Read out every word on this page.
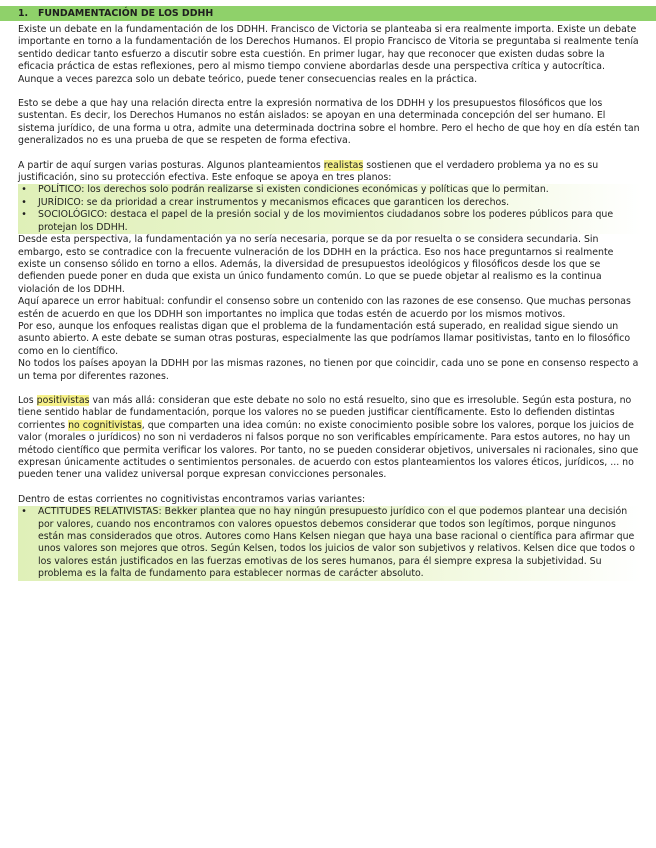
1. FUNDAMENTACIÓN DE LOS DDHH

Existe un debate en la fundamentación de los DDHH. Francisco de Victoria se planteaba si era realmente importa. Existe un debate importante en torno a la fundamentación de los Derechos Humanos. El propio Francisco de Vitoria se preguntaba si realmente tenía sentido dedicar tanto esfuerzo a discutir sobre esta cuestión. En primer lugar, hay que reconocer que existen dudas sobre la eficacia práctica de estas reflexiones, pero al mismo tiempo conviene abordarlas desde una perspectiva crítica y autocrítica. Aunque a veces parezca solo un debate teórico, puede tener consecuencias reales en la práctica.

Esto se debe a que hay una relación directa entre la expresión normativa de los DDHH y los presupuestos filosóficos que los sustentan. Es decir, los Derechos Humanos no están aislados: se apoyan en una determinada concepción del ser humano. El sistema jurídico, de una forma u otra, admite una determinada doctrina sobre el hombre. Pero el hecho de que hoy en día estén tan generalizados no es una prueba de que se respeten de forma efectiva.

A partir de aquí surgen varias posturas. Algunos planteamientos realistas sostienen que el verdadero problema ya no es su justificación, sino su protección efectiva. Este enfoque se apoya en tres planos:

•	POLÍTICO: los derechos solo podrán realizarse si existen condiciones económicas y políticas que lo permitan.
•	JURÍDICO: se da prioridad a crear instrumentos y mecanismos eficaces que garanticen los derechos.
•	SOCIOLÓGICO: destaca el papel de la presión social y de los movimientos ciudadanos sobre los poderes públicos para que protejan los DDHH.

Desde esta perspectiva, la fundamentación ya no sería necesaria, porque se da por resuelta o se considera secundaria. Sin embargo, esto se contradice con la frecuente vulneración de los DDHH en la práctica. Eso nos hace preguntarnos si realmente existe un consenso sólido en torno a ellos. Además, la diversidad de presupuestos ideológicos y filosóficos desde los que se defienden puede poner en duda que exista un único fundamento común. Lo que se puede objetar al realismo es la continua violación de los DDHH.

Aquí aparece un error habitual: confundir el consenso sobre un contenido con las razones de ese consenso. Que muchas personas estén de acuerdo en que los DDHH son importantes no implica que todas estén de acuerdo por los mismos motivos.

Por eso, aunque los enfoques realistas digan que el problema de la fundamentación está superado, en realidad sigue siendo un asunto abierto. A este debate se suman otras posturas, especialmente las que podríamos llamar positivistas, tanto en lo filosófico como en lo científico.

No todos los países apoyan la DDHH por las mismas razones, no tienen por que coincidir, cada uno se pone en consenso respecto a un tema por diferentes razones.

Los positivistas van más allá: consideran que este debate no solo no está resuelto, sino que es irresoluble. Según esta postura, no tiene sentido hablar de fundamentación, porque los valores no se pueden justificar científicamente. Esto lo defienden distintas corrientes no cognitivistas, que comparten una idea común: no existe conocimiento posible sobre los valores, porque los juicios de valor (morales o jurídicos) no son ni verdaderos ni falsos porque no son verificables empíricamente. Para estos autores, no hay un método científico que permita verificar los valores. Por tanto, no se pueden considerar objetivos, universales ni racionales, sino que expresan únicamente actitudes o sentimientos personales. de acuerdo con estos planteamientos los valores éticos, jurídicos, ... no pueden tener una validez universal porque expresan convicciones personales.

Dentro de estas corrientes no cognitivistas encontramos varias variantes:

•	ACTITUDES RELATIVISTAS: Bekker plantea que no hay ningún presupuesto jurídico con el que podemos plantear una decisión por valores, cuando nos encontramos con valores opuestos debemos considerar que todos son legítimos, porque ningunos están mas considerados que otros. Autores como Hans Kelsen niegan que haya una base racional o científica para afirmar que unos valores son mejores que otros. Según Kelsen, todos los juicios de valor son subjetivos y relativos. Kelsen dice que todos o los valores están justificados en las fuerzas emotivas de los seres humanos, para él siempre expresa la subjetividad. Su problema es la falta de fundamento para establecer normas de carácter absoluto.
